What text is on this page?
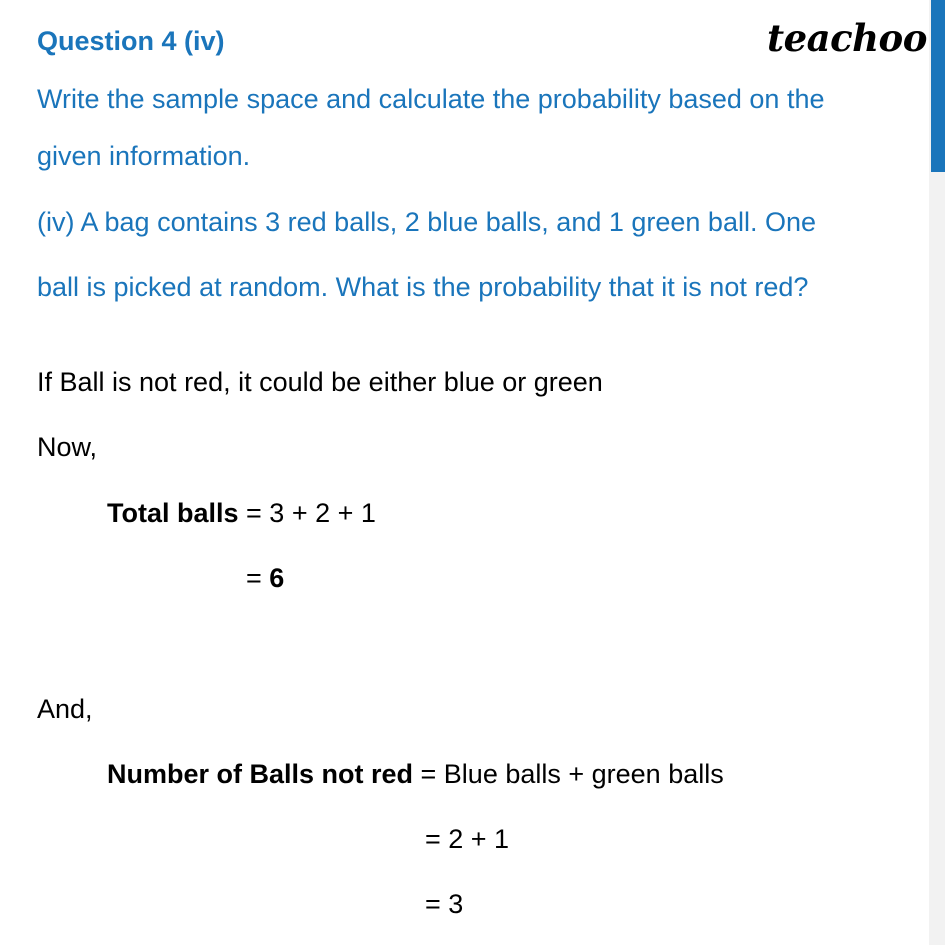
Question 4 (iv)	teachoo
Write the sample space and calculate the probability based on the
given information.
(iv) A bag contains 3 red balls, 2 blue balls, and 1 green ball. One
ball is picked at random. What is the probability that it is not red?
If Ball is not red, it could be either blue or green
Now,
Total balls = 3 + 2 + 1
= 6
And,
Number of Balls not red = Blue balls + green balls
= 2 + 1
= 3
